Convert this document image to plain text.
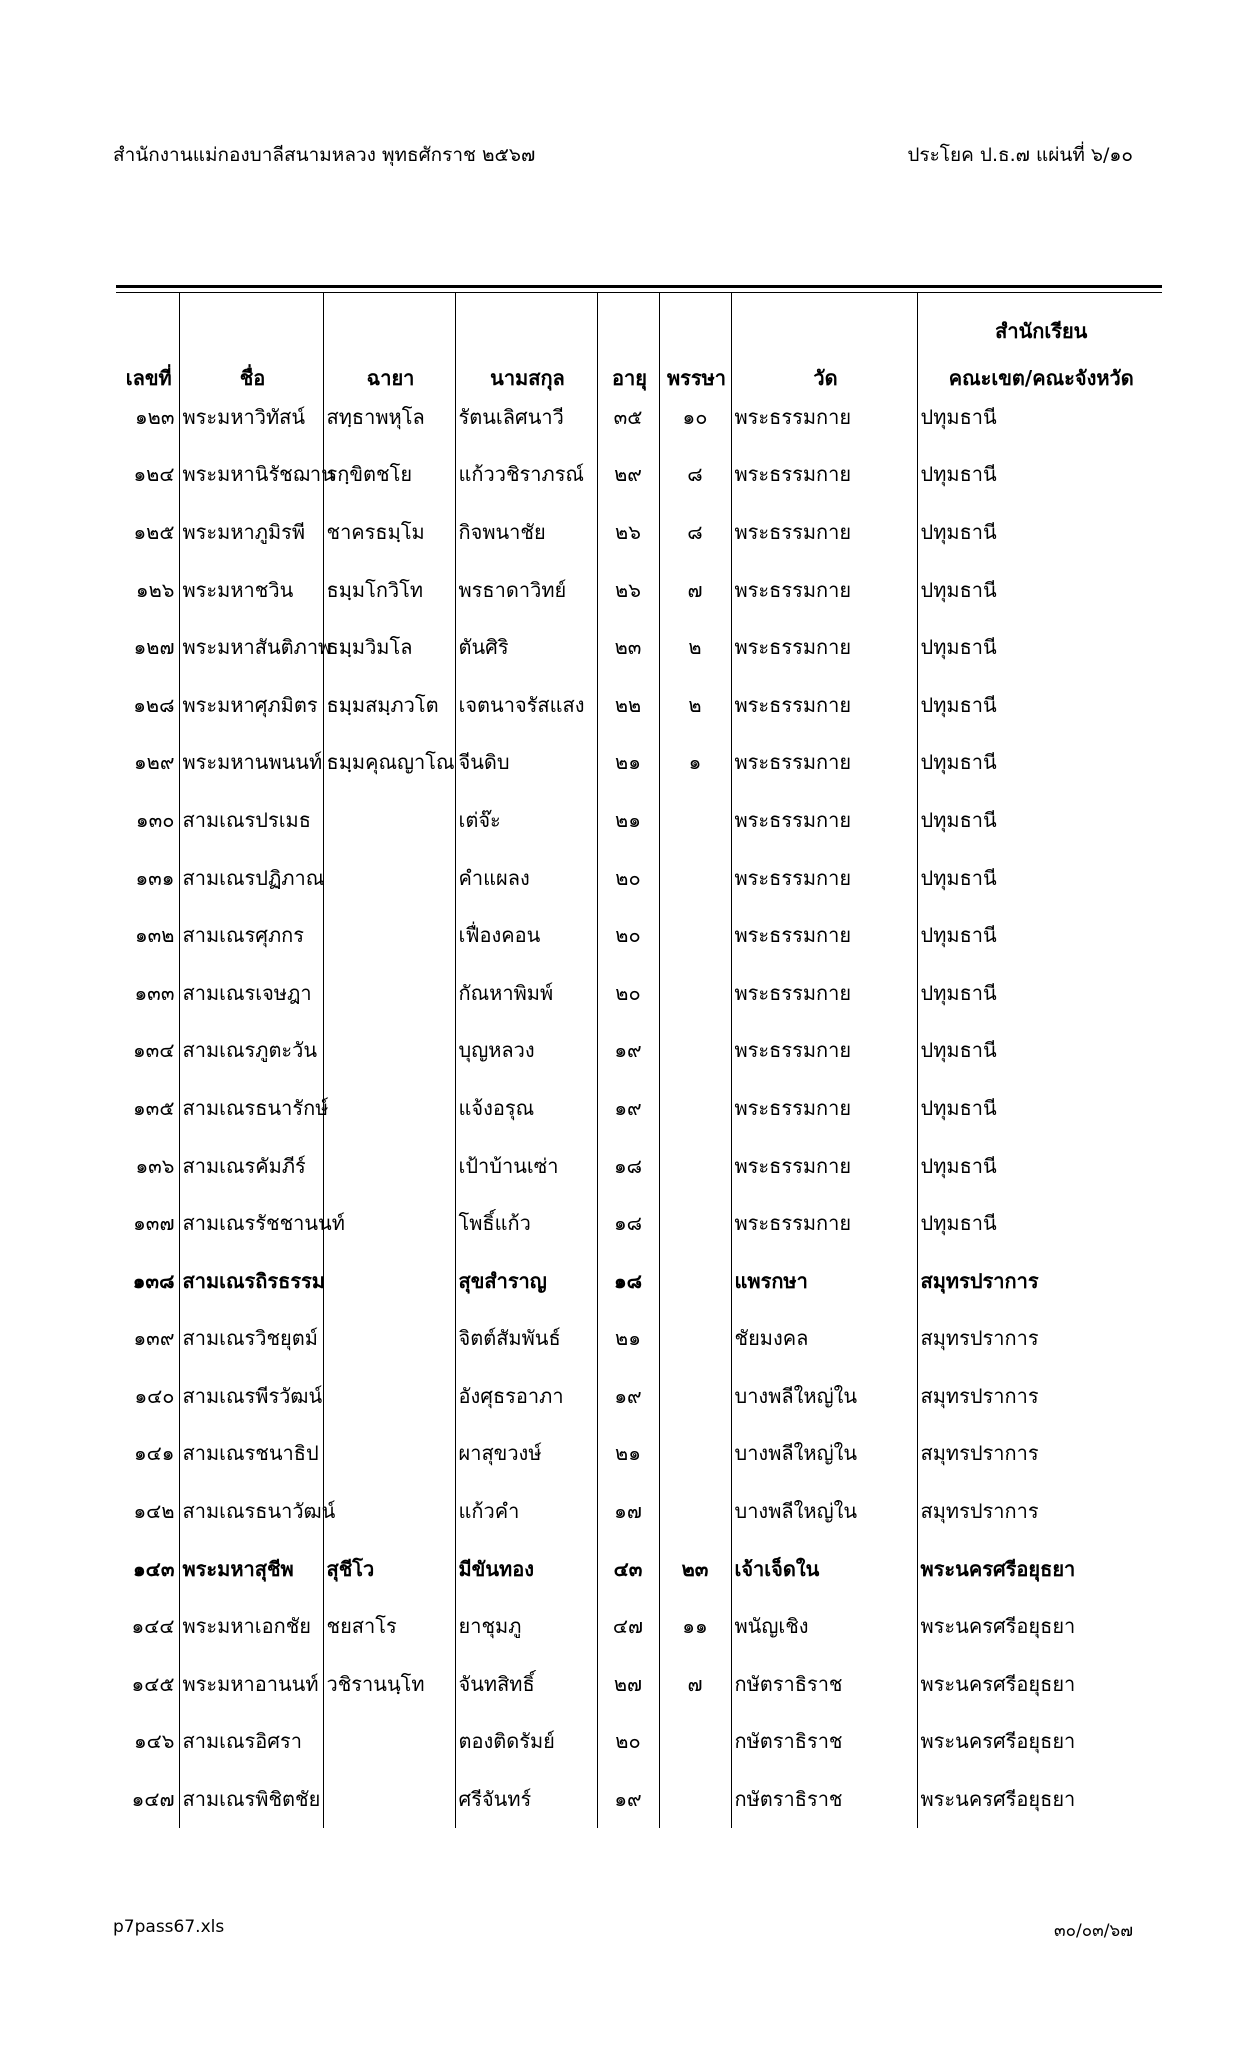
สำนักงานแม่กองบาลีสนามหลวง พุทธศักราช ๒๕๖๗	ประโยค ป.ธ.๗ แผ่นที่ ๖/๑๐
เลขที่	ชื่อ	ฉายา	นามสกุล	อายุ	พรรษา	วัด	สำนักเรียน
							คณะเขต/คณะจังหวัด
๑๒๓	พระมหาวิทัสน์	สทฺธาพหุโล	รัตนเลิศนาวี	๓๕	๑๐	พระธรรมกาย	ปทุมธานี
๑๒๔	พระมหานิรัชฌาน	รกฺขิตชโย	แก้ววชิราภรณ์	๒๙	๘	พระธรรมกาย	ปทุมธานี
๑๒๕	พระมหาภูมิรพี	ชาครธมฺโม	กิจพนาชัย	๒๖	๘	พระธรรมกาย	ปทุมธานี
๑๒๖	พระมหาชวิน	ธมฺมโกวิโท	พรธาดาวิทย์	๒๖	๗	พระธรรมกาย	ปทุมธานี
๑๒๗	พระมหาสันติภาพ	ธมฺมวิมโล	ตันศิริ	๒๓	๒	พระธรรมกาย	ปทุมธานี
๑๒๘	พระมหาศุภมิตร	ธมฺมสมฺภวโต	เจตนาจรัสแสง	๒๒	๒	พระธรรมกาย	ปทุมธานี
๑๒๙	พระมหานพนนท์	ธมฺมคุณญาโณ	จีนดิบ	๒๑	๑	พระธรรมกาย	ปทุมธานี
๑๓๐	สามเณรปรเมธ		เต่จ๊ะ	๒๑		พระธรรมกาย	ปทุมธานี
๑๓๑	สามเณรปฏิภาณ		คำแผลง	๒๐		พระธรรมกาย	ปทุมธานี
๑๓๒	สามเณรศุภกร		เฟื่องคอน	๒๐		พระธรรมกาย	ปทุมธานี
๑๓๓	สามเณรเจษฎา		กัณหาพิมพ์	๒๐		พระธรรมกาย	ปทุมธานี
๑๓๔	สามเณรภูตะวัน		บุญหลวง	๑๙		พระธรรมกาย	ปทุมธานี
๑๓๕	สามเณรธนารักษ์		แจ้งอรุณ	๑๙		พระธรรมกาย	ปทุมธานี
๑๓๖	สามเณรคัมภีร์		เป้าบ้านเซ่า	๑๘		พระธรรมกาย	ปทุมธานี
๑๓๗	สามเณรรัชชานนท์		โพธิ์แก้ว	๑๘		พระธรรมกาย	ปทุมธานี
๑๓๘	สามเณรถิรธรรม		สุขสำราญ	๑๘		แพรกษา	สมุทรปราการ
๑๓๙	สามเณรวิชยุตม์		จิตต์สัมพันธ์	๒๑		ชัยมงคล	สมุทรปราการ
๑๔๐	สามเณรพีรวัฒน์		อังศุธรอาภา	๑๙		บางพลีใหญ่ใน	สมุทรปราการ
๑๔๑	สามเณรชนาธิป		ผาสุขวงษ์	๒๑		บางพลีใหญ่ใน	สมุทรปราการ
๑๔๒	สามเณรธนาวัฒน์		แก้วคำ	๑๗		บางพลีใหญ่ใน	สมุทรปราการ
๑๔๓	พระมหาสุชีพ	สุชีโว	มีขันทอง	๔๓	๒๓	เจ้าเจ็ดใน	พระนครศรีอยุธยา
๑๔๔	พระมหาเอกชัย	ชยสาโร	ยาชุมภู	๔๗	๑๑	พนัญเชิง	พระนครศรีอยุธยา
๑๔๕	พระมหาอานนท์	วชิรานนฺโท	จันทสิทธิ์	๒๗	๗	กษัตราธิราช	พระนครศรีอยุธยา
๑๔๖	สามเณรอิศรา		ตองติดรัมย์	๒๐		กษัตราธิราช	พระนครศรีอยุธยา
๑๔๗	สามเณรพิชิตชัย		ศรีจันทร์	๑๙		กษัตราธิราช	พระนครศรีอยุธยา
p7pass67.xls	๓๐/๐๓/๖๗
